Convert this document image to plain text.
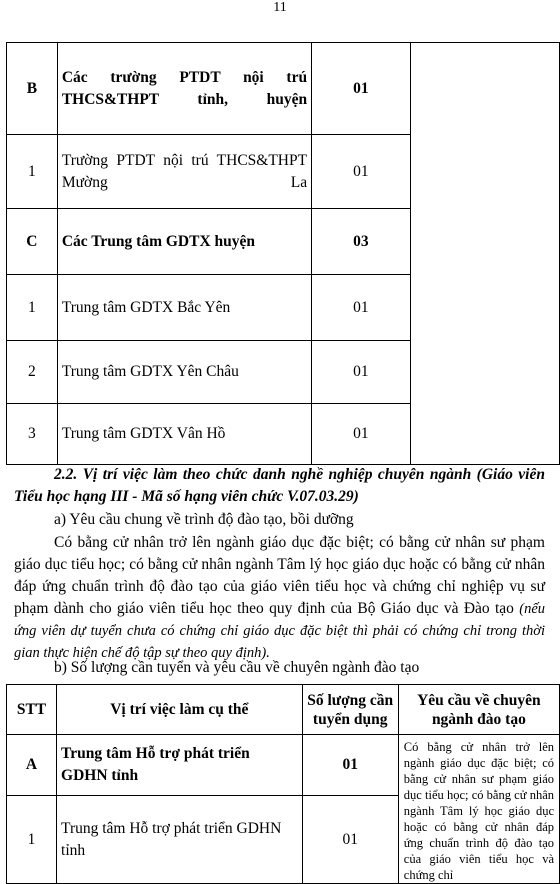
11
B	Các trường PTDT nội trú THCS&THPT tỉnh, huyện	01	
1	Trường PTDT nội trú THCS&THPT Mường La	01	
C	Các Trung tâm GDTX huyện	03	
1	Trung tâm GDTX Bắc Yên	01	
2	Trung tâm GDTX Yên Châu	01	
3	Trung tâm GDTX Vân Hồ	01	
2.2. Vị trí việc làm theo chức danh nghề nghiệp chuyên ngành (Giáo viên Tiểu học hạng III - Mã số hạng viên chức V.07.03.29)
a) Yêu cầu chung về trình độ đào tạo, bồi dưỡng
Có bằng cử nhân trở lên ngành giáo dục đặc biệt; có bằng cử nhân sư phạm giáo dục tiểu học; có bằng cử nhân ngành Tâm lý học giáo dục hoặc có bằng cử nhân đáp ứng chuẩn trình độ đào tạo của giáo viên tiểu học và chứng chỉ nghiệp vụ sư phạm dành cho giáo viên tiểu học theo quy định của Bộ Giáo dục và Đào tạo (nếu ứng viên dự tuyển chưa có chứng chỉ giáo dục đặc biệt thì phải có chứng chỉ trong thời gian thực hiện chế độ tập sự theo quy định).
b) Số lượng cần tuyển và yêu cầu về chuyên ngành đào tạo
STT	Vị trí việc làm cụ thể	Số lượng cần tuyển dụng	Yêu cầu về chuyên ngành đào tạo
A	Trung tâm Hỗ trợ phát triển GDHN tỉnh	01	Có bằng cử nhân trở lên ngành giáo dục đặc biệt; có bằng cử nhân sư phạm giáo dục tiểu học; có bằng cử nhân ngành Tâm lý học giáo dục hoặc có bằng cử nhân đáp ứng chuẩn trình độ đào tạo của giáo viên tiểu học và chứng chỉ
1	Trung tâm Hỗ trợ phát triển GDHN tỉnh	01	
